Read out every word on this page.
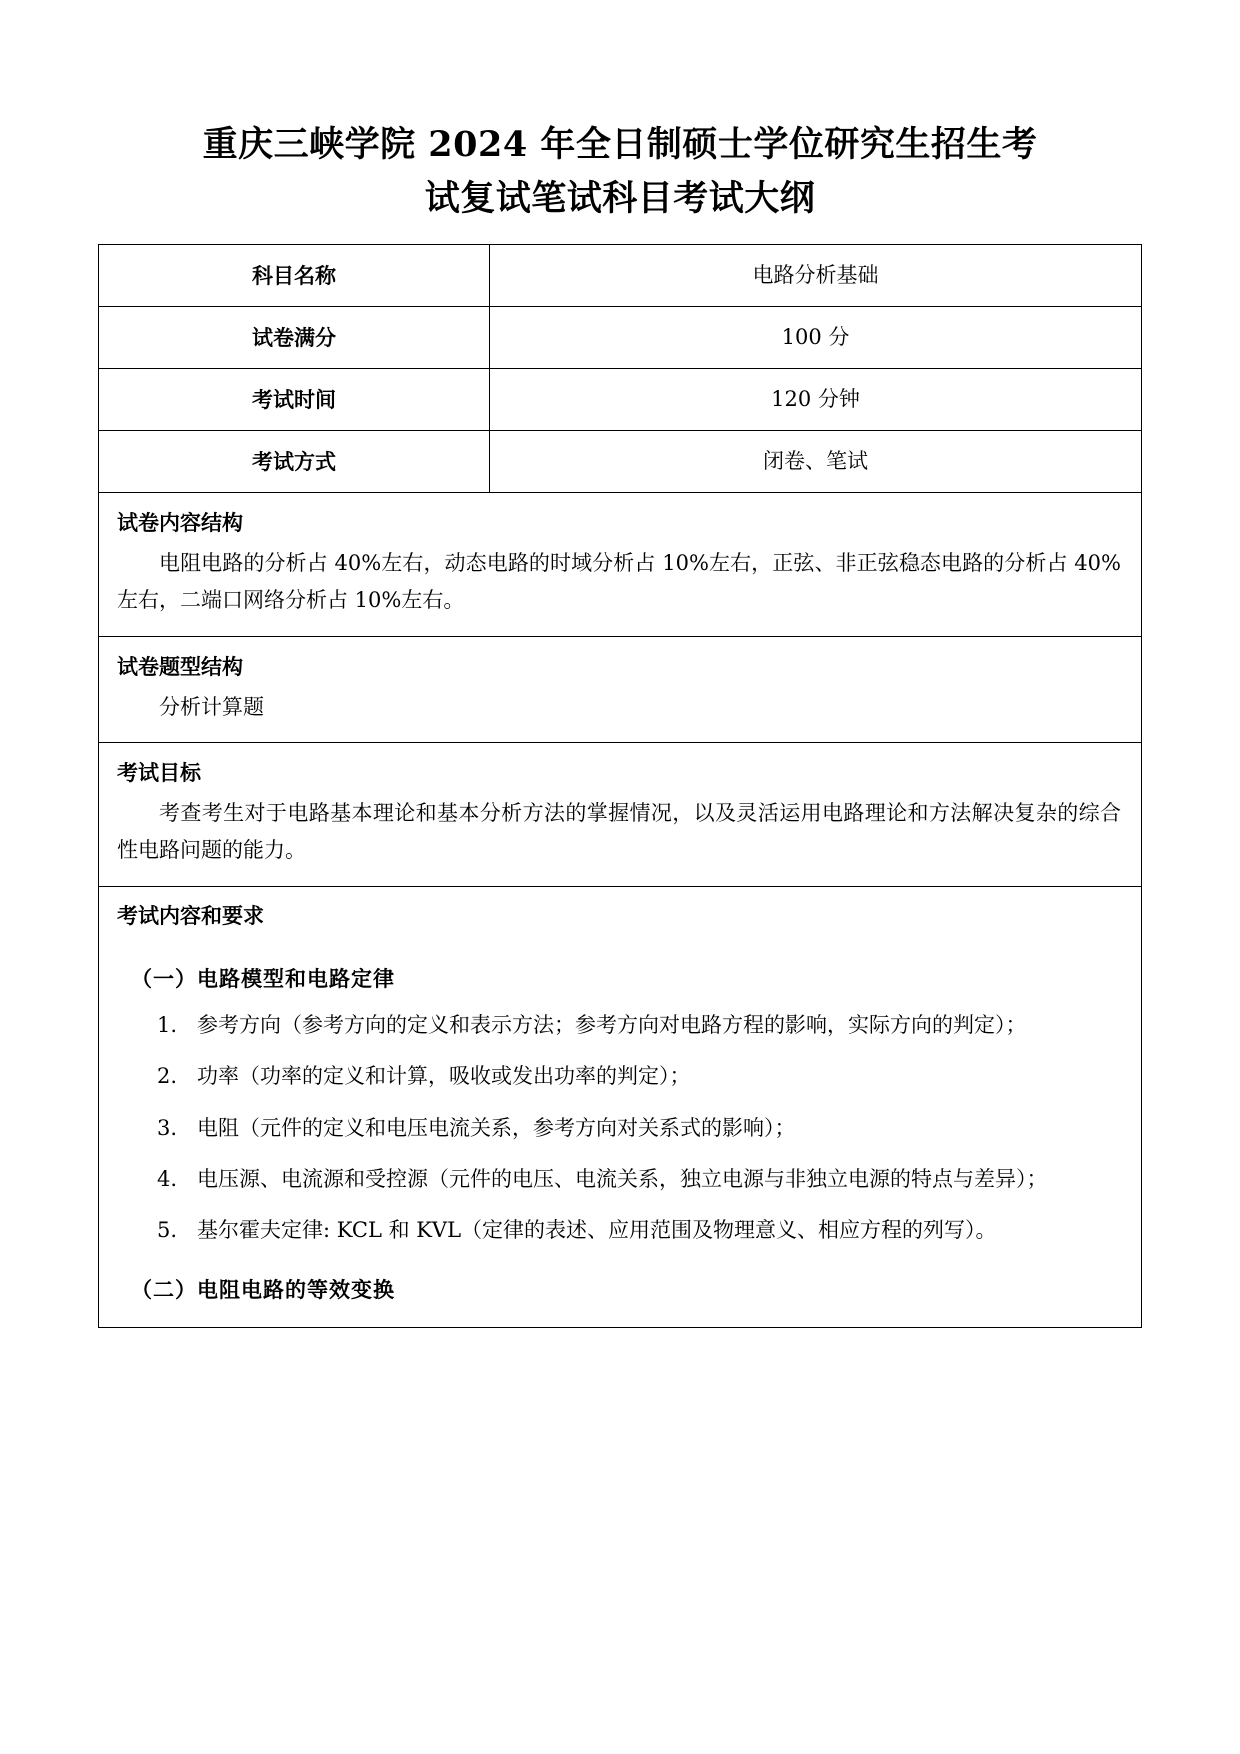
重庆三峡学院 2024 年全日制硕士学位研究生招生考
试复试笔试科目考试大纲
科目名称	电路分析基础
试卷满分	100 分
考试时间	120 分钟
考试方式	闭卷、笔试

试卷内容结构

电阻电路的分析占 40%左右，动态电路的时域分析占 10%左右，正弦、非正弦稳态电路的分析占 40%左右，二端口网络分析占 10%左右。	

试卷题型结构

分析计算题	

考试目标

考查考生对于电路基本理论和基本分析方法的掌握情况，以及灵活运用电路理论和方法解决复杂的综合性电路问题的能力。	

考试内容和要求

（一）电路模型和电路定律

1. 参考方向（参考方向的定义和表示方法；参考方向对电路方程的影响，实际方向的判定）；
2. 功率（功率的定义和计算，吸收或发出功率的判定）；
3. 电阻（元件的定义和电压电流关系，参考方向对关系式的影响）；
4. 电压源、电流源和受控源（元件的电压、电流关系，独立电源与非独立电源的特点与差异）；
5. 基尔霍夫定律: KCL 和 KVL（定律的表述、应用范围及物理意义、相应方程的列写）。

（二）电阻电路的等效变换
